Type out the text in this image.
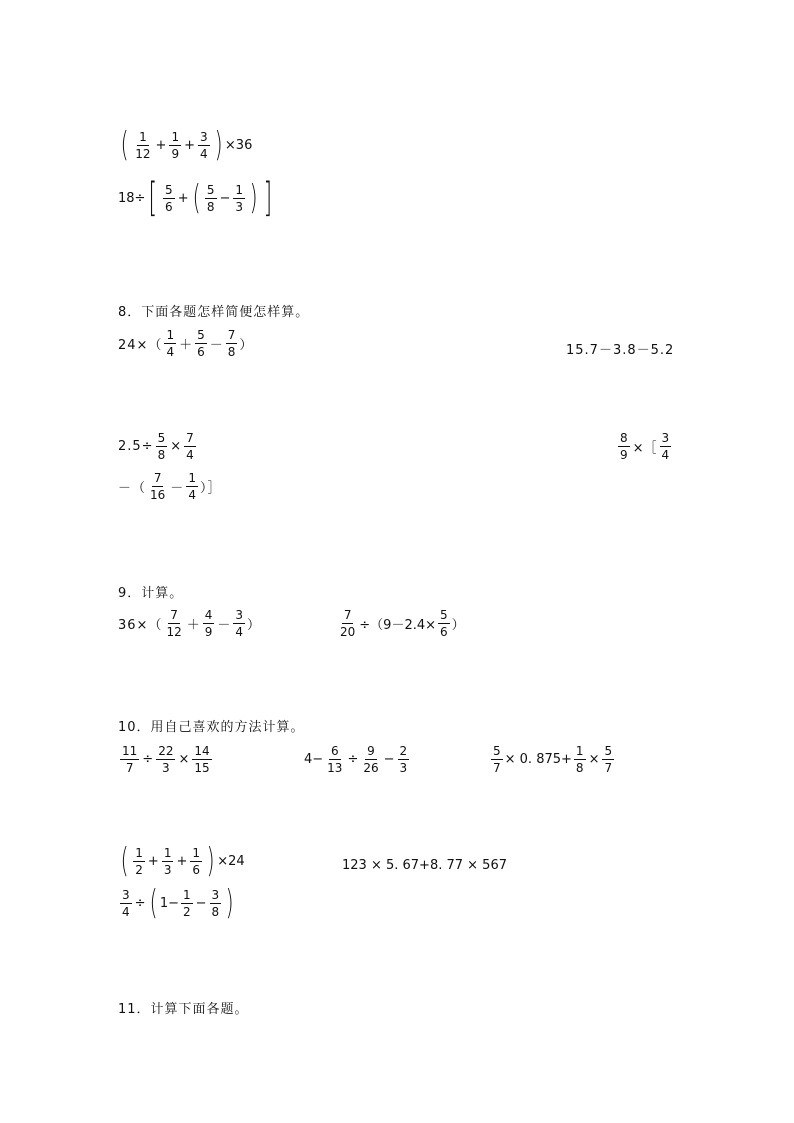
( $\frac{1}{12} + \frac{1}{9} + \frac{3}{4}$ ) ×36
18÷ [ $\frac{5}{6}$ + ( $\frac{5}{8} - \frac{1}{3}$ ) ]
8．下面各题怎样简便怎样算。
$24\times( \frac{1}{4} + \frac{5}{6} - \frac{7}{8}$ ）	15.7－3.8－5.2
$2.5\div \frac{5}{8} \times \frac{7}{4}$	$\frac{8}{9}$ ×［ $\frac{3}{4}$
－（ $\frac{7}{16} - \frac{1}{4}$ ）］
9．计算。
$36\times( \frac{7}{12} + \frac{4}{9} - \frac{3}{4}$ ）	$\frac{7}{20} \div(9-2.4\times \frac{5}{6}$ ）
10．用自己喜欢的方法计算。
$\frac{11}{7} \div \frac{22}{3} \times \frac{14}{15}$	$4- \frac{6}{13} \div \frac{9}{26} - \frac{2}{3}$	$\frac{5}{7} \times 0$. $875+ \frac{1}{8} \times \frac{5}{7}$
( $\frac{1}{2} + \frac{1}{3} + \frac{1}{6}$ ) ×24	123 × 5. 67+8. 77 × 567
$\frac{3}{4}$ ÷ ( $1- \frac{1}{2} - \frac{3}{8}$ )
11．计算下面各题。
